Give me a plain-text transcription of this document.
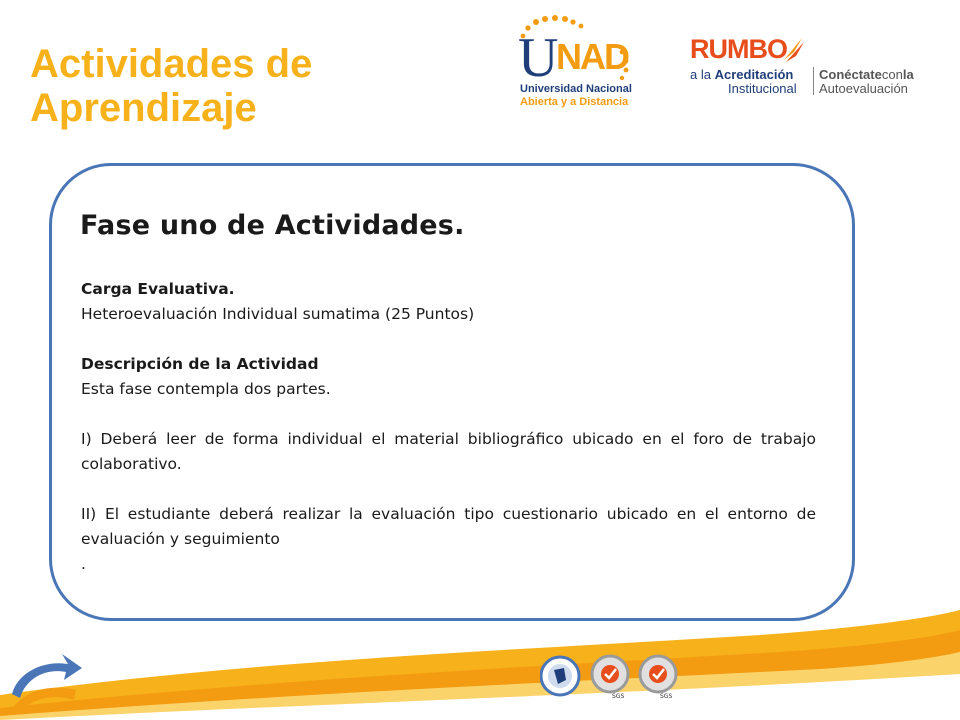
Actividades de Aprendizaje
U
NAD
Universidad Nacional
Abierta y a Distancia
RUMBO
a la Acreditación
Institucional
Conéctateconla
Autoevaluación
Fase uno de Actividades.

Carga Evaluativa.

Heteroevaluación Individual sumatima (25 Puntos)

Descripción de la Actividad

Esta fase contempla dos partes.

I) Deberá leer de forma individual el material bibliográfico ubicado en el foro de trabajo colaborativo.

II) El estudiante deberá realizar la evaluación tipo cuestionario ubicado en el entorno de evaluación y seguimiento

.

SGS	SGS
